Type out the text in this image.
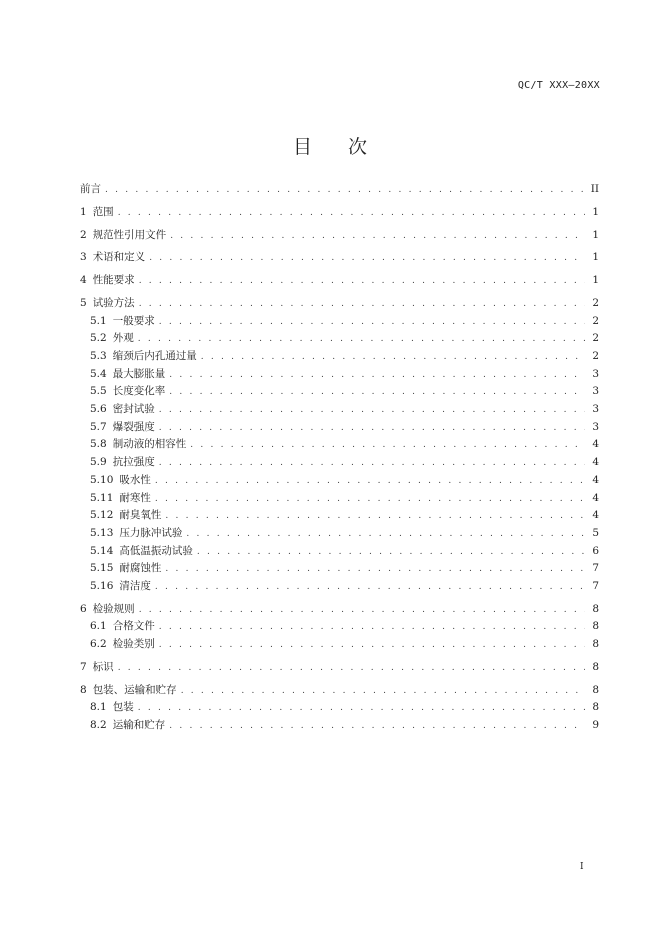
QC/T XXX—20XX
目 次
前言 . . .	II
1 范围 . . .	1
2 规范性引用文件 . . .	1
3 术语和定义 . . .	1
4 性能要求 . . .	1
5 试验方法 . . .	2
5.1 一般要求 . . .	2
5.2 外观 . . .	2
5.3 缩颈后内孔通过量 . . .	2
5.4 最大膨胀量 . . .	3
5.5 长度变化率 . . .	3
5.6 密封试验 . . .	3
5.7 爆裂强度 . . .	3
5.8 制动液的相容性 . . .	4
5.9 抗拉强度 . . .	4
5.10 吸水性 . . .	4
5.11 耐寒性 . . .	4
5.12 耐臭氧性 . . .	4
5.13 压力脉冲试验 . . .	5
5.14 高低温振动试验 . . .	6
5.15 耐腐蚀性 . . .	7
5.16 清洁度 . . .	7
6 检验规则 . . .	8
6.1 合格文件 . . .	8
6.2 检验类别 . . .	8
7 标识 . . .	8
8 包装、运输和贮存 . . .	8
8.1 包装 . . .	8
8.2 运输和贮存 . . .	9
I
